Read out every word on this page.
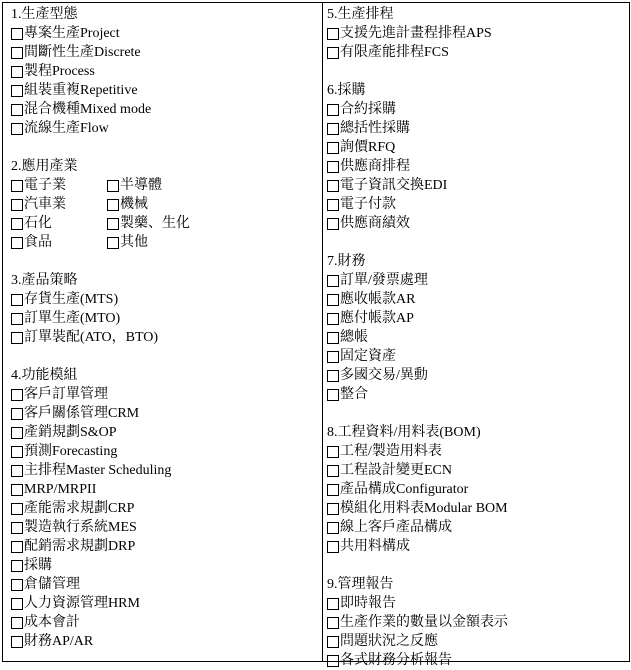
1.生產型態
專案生產Project
間斷性生產Discrete
製程Process
組裝重複Repetitive
混合機種Mixed mode
流線生產Flow
2.應用產業
電子業	半導體
汽車業	機械
石化	製藥、生化
食品	其他
3.產品策略
存貨生產(MTS)
訂單生產(MTO)
訂單裝配(ATO，BTO)
4.功能模組
客戶訂單管理
客戶關係管理CRM
產銷規劃S&OP
預測Forecasting
主排程Master Scheduling
MRP/MRPII
產能需求規劃CRP
製造執行系統MES
配銷需求規劃DRP
採購
倉儲管理
人力資源管理HRM
成本會計
財務AP/AR
5.生產排程
支援先進計畫程排程APS
有限產能排程FCS
6.採購
合約採購
總括性採購
詢價RFQ
供應商排程
電子資訊交換EDI
電子付款
供應商績效
7.財務
訂單/發票處理
應收帳款AR
應付帳款AP
總帳
固定資產
多國交易/異動
整合
8.工程資料/用料表(BOM)
工程/製造用料表
工程設計變更ECN
產品構成Configurator
模組化用料表Modular BOM
線上客戶產品構成
共用料構成
9.管理報告
即時報告
生產作業的數量以金額表示
問題狀況之反應
各式財務分析報告
